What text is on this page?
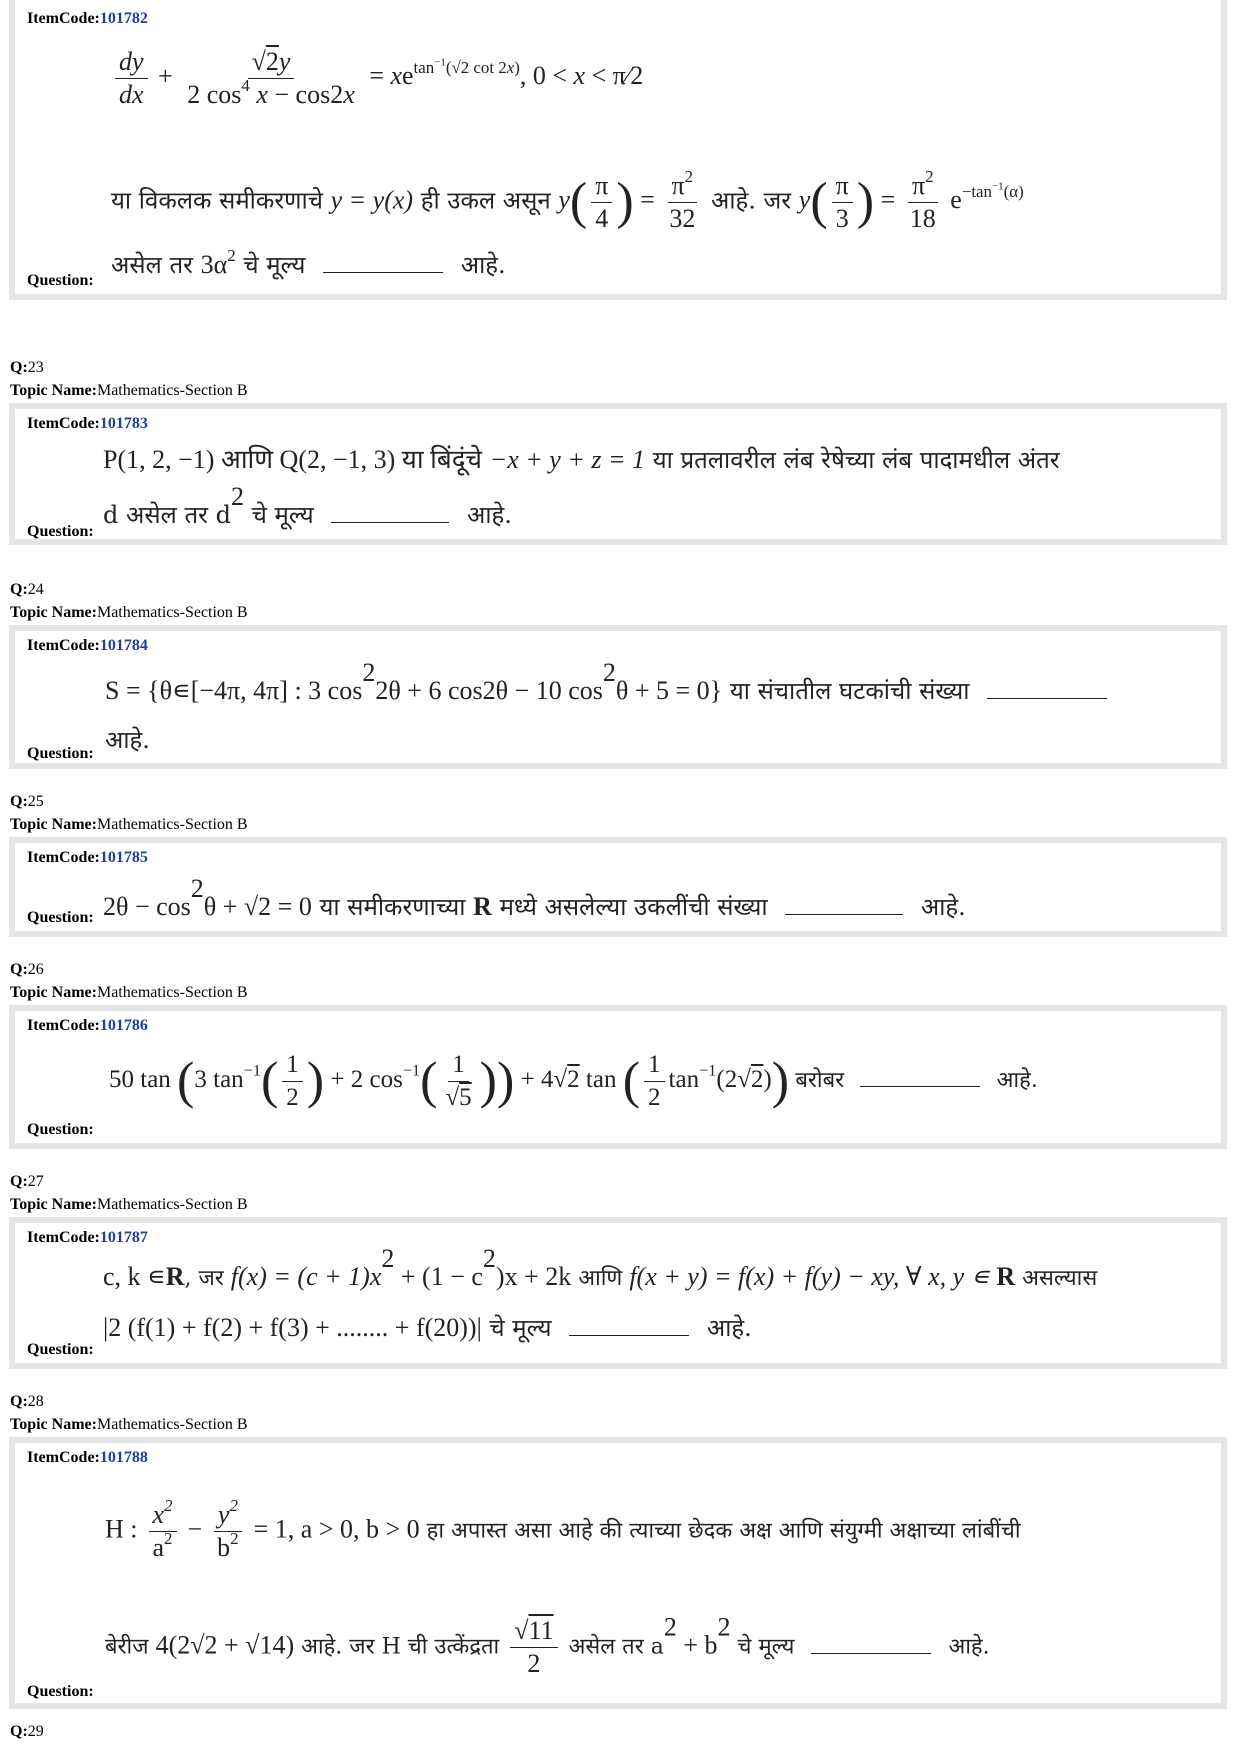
ItemCode:101782
$\frac{dy}{dx} + \frac{√2y}{2 \cos^4 x - \cos 2x} = xe^{tan^{-1}(√2 cot 2x)}$, 0 < x < π⁄2
या विकलक समीकरणाचे y = y(x) ही उकल असून $y( \frac{\pi}{4}$ ) = $\frac{\pi^2}{32}$ आहे. जर $y( \frac{\pi}{3}$ ) = $\frac{\pi^2}{18} e^{-tan^{-1}(\alpha)}$
असेल तर $3\alpha^2$ चे मूल्य	आहे.
Question:
Q:23
Topic Name:Mathematics-Section B
ItemCode:101783
P(1, 2, −1) आणि Q(2, −1, 3) या बिंदूंचे −x + y + z = 1 या प्रतलावरील लंब रेषेच्या लंब पादामधील अंतर
d असेल तर $d^2$ चे मूल्य	आहे.
Question:
Q:24
Topic Name:Mathematics-Section B
ItemCode:101784
S = {θ∊[−4π, 4π] : 3 $\cos^22\theta + 6$ cos2θ − 10 $\cos^2\theta + 5 = 0$} या संचातील घटकांची संख्या
आहे.
Question:
Q:25
Topic Name:Mathematics-Section B
ItemCode:101785
$2\theta - \cos^2\theta + √2 = 0$ या समीकरणाच्या R मध्ये असलेल्या उकलींची संख्या	आहे.
Question:
Q:26
Topic Name:Mathematics-Section B
ItemCode:101786
50 tan (3 $\tan^{-1}( \frac{1}{2}$ ) + 2 $\cos^{-1}( \frac{1}{√5}$ )) + 4√2 tan ( $\frac{1}{2} \tan^{-1}(2√2)$) बरोबर	आहे.
Question:
Q:27
Topic Name:Mathematics-Section B
ItemCode:101787
c, k ∊R, जर $f(x) = (c + 1)x^2 + (1 - c^2)x + 2k$ आणि f(x + y) = f(x) + f(y) − xy, ∀ x, y ∊ R असल्यास
|2 (f(1) + f(2) + f(3) + ........ + f(20))| चे मूल्य	आहे.
Question:
Q:28
Topic Name:Mathematics-Section B
ItemCode:101788
H : $\frac{x^2}{a^2} - \frac{y^2}{b^2} = 1$, a > 0, b > 0 हा अपास्त असा आहे की त्याच्या छेदक अक्ष आणि संयुग्मी अक्षाच्या लांबींची
बेरीज 4(2√2 + √14) आहे. जर H ची उत्केंद्रता $\frac{√11}{2}$ असेल तर $a^2 + b^2$ चे मूल्य	आहे.
Question:
Q:29
